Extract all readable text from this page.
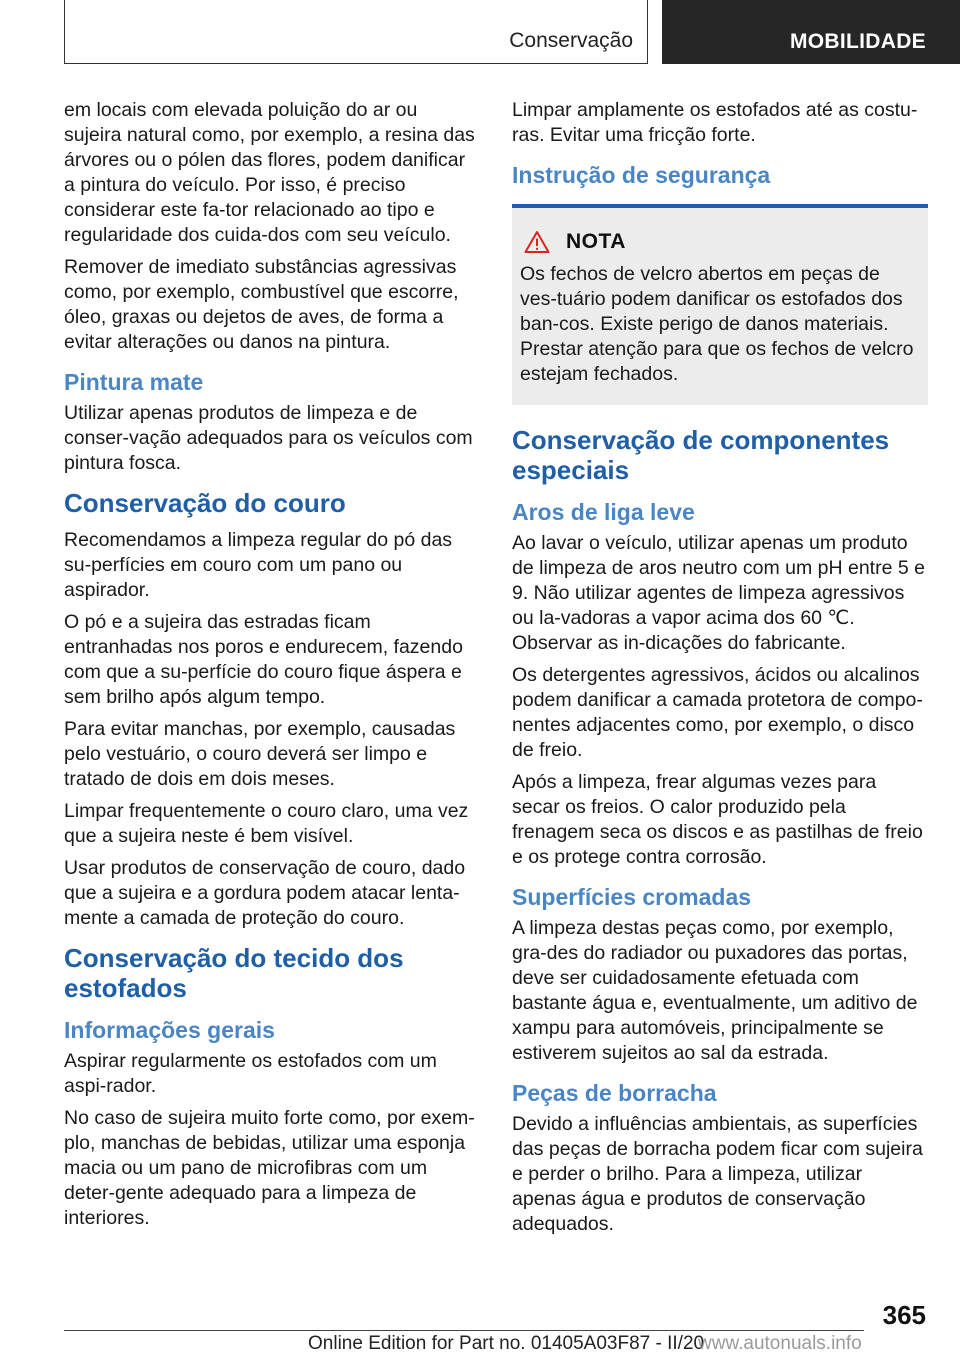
Conservação	MOBILIDADE

em locais com elevada poluição do ar ou sujeira natural como, por exemplo, a resina das árvores ou o pólen das flores, podem danificar a pintura do veículo. Por isso, é preciso considerar este fa-tor relacionado ao tipo e regularidade dos cuida-dos com seu veículo.

Remover de imediato substâncias agressivas como, por exemplo, combustível que escorre, óleo, graxas ou dejetos de aves, de forma a evitar alterações ou danos na pintura.

Pintura mate

Utilizar apenas produtos de limpeza e de conser-vação adequados para os veículos com pintura fosca.

Conservação do couro

Recomendamos a limpeza regular do pó das su-perfícies em couro com um pano ou aspirador.

O pó e a sujeira das estradas ficam entranhadas nos poros e endurecem, fazendo com que a su-perfície do couro fique áspera e sem brilho após algum tempo.

Para evitar manchas, por exemplo, causadas pelo vestuário, o couro deverá ser limpo e tratado de dois em dois meses.

Limpar frequentemente o couro claro, uma vez que a sujeira neste é bem visível.

Usar produtos de conservação de couro, dado que a sujeira e a gordura podem atacar lenta-mente a camada de proteção do couro.

Conservação do tecido dos estofados
Informações gerais

Aspirar regularmente os estofados com um aspi-rador.

No caso de sujeira muito forte como, por exem-plo, manchas de bebidas, utilizar uma esponja macia ou um pano de microfibras com um deter-gente adequado para a limpeza de interiores.

Limpar amplamente os estofados até as costu-ras. Evitar uma fricção forte.

Instrução de segurança
NOTA

Os fechos de velcro abertos em peças de ves-tuário podem danificar os estofados dos ban-cos. Existe perigo de danos materiais. Prestar atenção para que os fechos de velcro estejam fechados.

Conservação de componentes especiais
Aros de liga leve

Ao lavar o veículo, utilizar apenas um produto de limpeza de aros neutro com um pH entre 5 e 9. Não utilizar agentes de limpeza agressivos ou la-vadoras a vapor acima dos 60 ℃. Observar as in-dicações do fabricante.

Os detergentes agressivos, ácidos ou alcalinos podem danificar a camada protetora de compo-nentes adjacentes como, por exemplo, o disco de freio.

Após a limpeza, frear algumas vezes para secar os freios. O calor produzido pela frenagem seca os discos e as pastilhas de freio e os protege contra corrosão.

Superfícies cromadas

A limpeza destas peças como, por exemplo, gra-des do radiador ou puxadores das portas, deve ser cuidadosamente efetuada com bastante água e, eventualmente, um aditivo de xampu para automóveis, principalmente se estiverem sujeitos ao sal da estrada.

Peças de borracha

Devido a influências ambientais, as superfícies das peças de borracha podem ficar com sujeira e perder o brilho. Para a limpeza, utilizar apenas água e produtos de conservação adequados.

365
Online Edition for Part no. 01405A03F87 - II/20
www.autonuals.info
